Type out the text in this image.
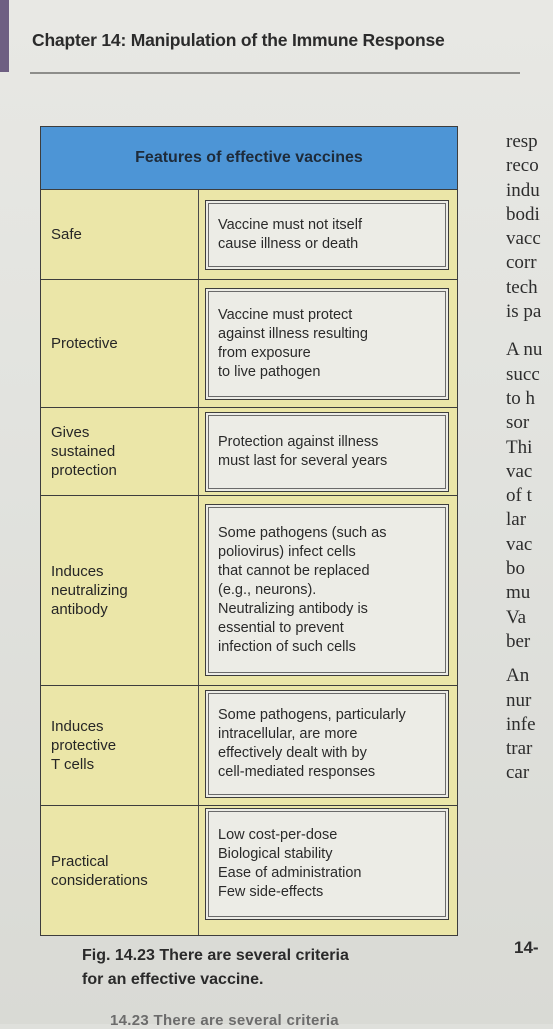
Chapter 14: Manipulation of the Immune Response
Features of effective vaccines
Safe
Vaccine must not itself
cause illness or death
Protective
Vaccine must protect
against illness resulting
from exposure
to live pathogen
Gives
sustained
protection
Protection against illness
must last for several years
Induces
neutralizing
antibody
Some pathogens (such as
poliovirus) infect cells
that cannot be replaced
(e.g., neurons).
Neutralizing antibody is
essential to prevent
infection of such cells
Induces
protective
T cells
Some pathogens, particularly
intracellular, are more
effectively dealt with by
cell-mediated responses
Practical
considerations
Low cost-per-dose
Biological stability
Ease of administration
Few side-effects
Fig. 14.23 There are several criteria
for an effective vaccine.
14.23 There are several criteria
resp
reco
indu
bodi
vacc
corr
tech
is pa
A nu
succ
to h
sor
Thi
vac
of t
lar
vac
bo
mu
Va
ber
An
nur
infe
trar
car
14-
